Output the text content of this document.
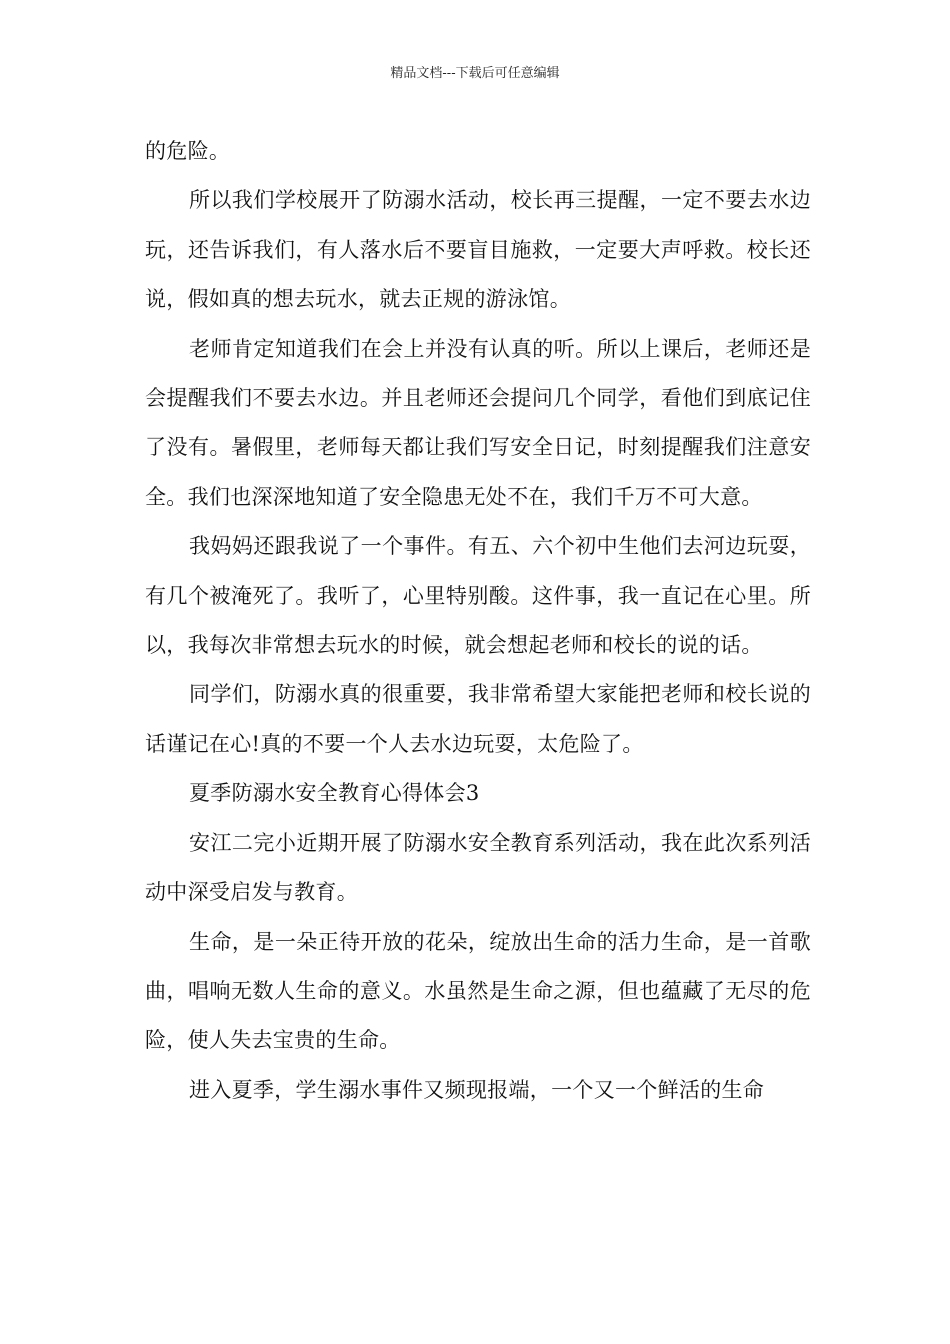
精品文档---下载后可任意编辑

的危险。

所以我们学校展开了防溺水活动，校长再三提醒，一定不要去水边玩，还告诉我们，有人落水后不要盲目施救，一定要大声呼救。校长还说，假如真的想去玩水，就去正规的游泳馆。

老师肯定知道我们在会上并没有认真的听。所以上课后，老师还是会提醒我们不要去水边。并且老师还会提问几个同学，看他们到底记住了没有。暑假里，老师每天都让我们写安全日记，时刻提醒我们注意安全。我们也深深地知道了安全隐患无处不在，我们千万不可大意。

我妈妈还跟我说了一个事件。有五、六个初中生他们去河边玩耍，有几个被淹死了。我听了，心里特别酸。这件事，我一直记在心里。所以，我每次非常想去玩水的时候，就会想起老师和校长的说的话。

同学们，防溺水真的很重要，我非常希望大家能把老师和校长说的话谨记在心!真的不要一个人去水边玩耍，太危险了。

夏季防溺水安全教育心得体会3

安江二完小近期开展了防溺水安全教育系列活动，我在此次系列活动中深受启发与教育。

生命，是一朵正待开放的花朵，绽放出生命的活力生命，是一首歌曲，唱响无数人生命的意义。水虽然是生命之源，但也蕴藏了无尽的危险，使人失去宝贵的生命。

进入夏季，学生溺水事件又频现报端，一个又一个鲜活的生命
